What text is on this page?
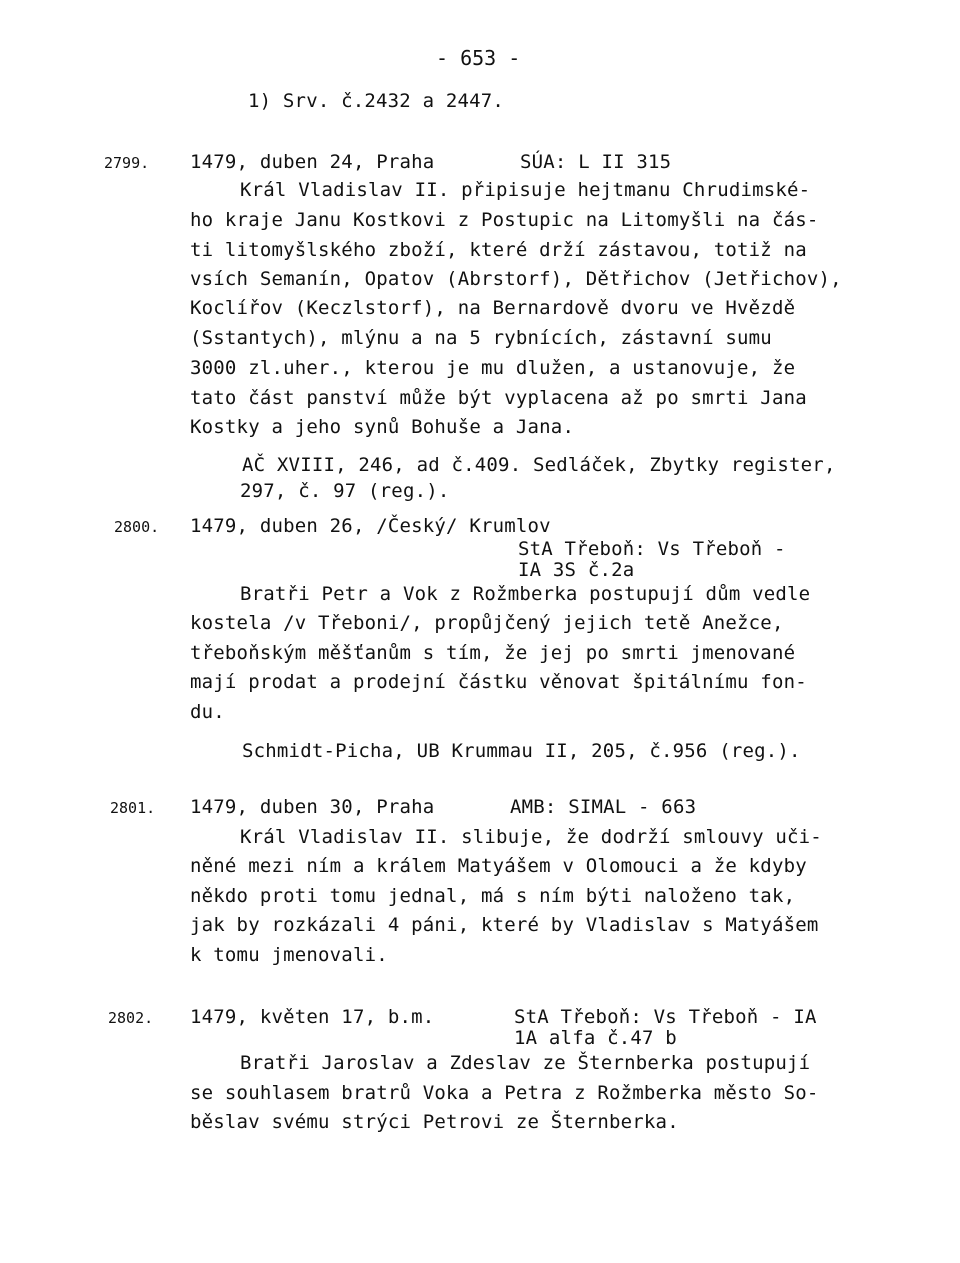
- 653 -
1) Srv. č.2432 a 2447.
2799. 1479, duben 24, Praha	SÚA: L II 315
Král Vladislav II. připisuje hejtmanu Chrudimské-
ho kraje Janu Kostkovi z Postupic na Litomyšli na čás-
ti litomyšlského zboží, které drží zástavou, totiž na
vsích Semanín, Opatov (Abrstorf), Dětřichov (Jetřichov),
Koclířov (Keczlstorf), na Bernardově dvoru ve Hvězdě
(Sstantych), mlýnu a na 5 rybnících, zástavní sumu
3000 zl.uher., kterou je mu dlužen, a ustanovuje, že
tato část panství může být vyplacena až po smrti Jana
Kostky a jeho synů Bohuše a Jana.
AČ XVIII, 246, ad č.409. Sedláček, Zbytky register,
297, č. 97 (reg.).
2800. 1479, duben 26, /Český/ Krumlov
StA Třeboň: Vs Třeboň -
IA 3S č.2a
Bratři Petr a Vok z Rožmberka postupují dům vedle
kostela /v Třeboni/, propůjčený jejich tetě Anežce,
třeboňským měšťanům s tím, že jej po smrti jmenované
mají prodat a prodejní částku věnovat špitálnímu fon-
du.
Schmidt-Picha, UB Krummau II, 205, č.956 (reg.).
2801. 1479, duben 30, Praha	AMB: SIMAL - 663
Král Vladislav II. slibuje, že dodrží smlouvy uči-
něné mezi ním a králem Matyášem v Olomouci a že kdyby
někdo proti tomu jednal, má s ním býti naloženo tak,
jak by rozkázali 4 páni, které by Vladislav s Matyášem
k tomu jmenovali.
2802. 1479, květen 17, b.m.	StA Třeboň: Vs Třeboň - IA
1A alfa č.47 b
Bratři Jaroslav a Zdeslav ze Šternberka postupují
se souhlasem bratrů Voka a Petra z Rožmberka město So-
běslav svému strýci Petrovi ze Šternberka.
